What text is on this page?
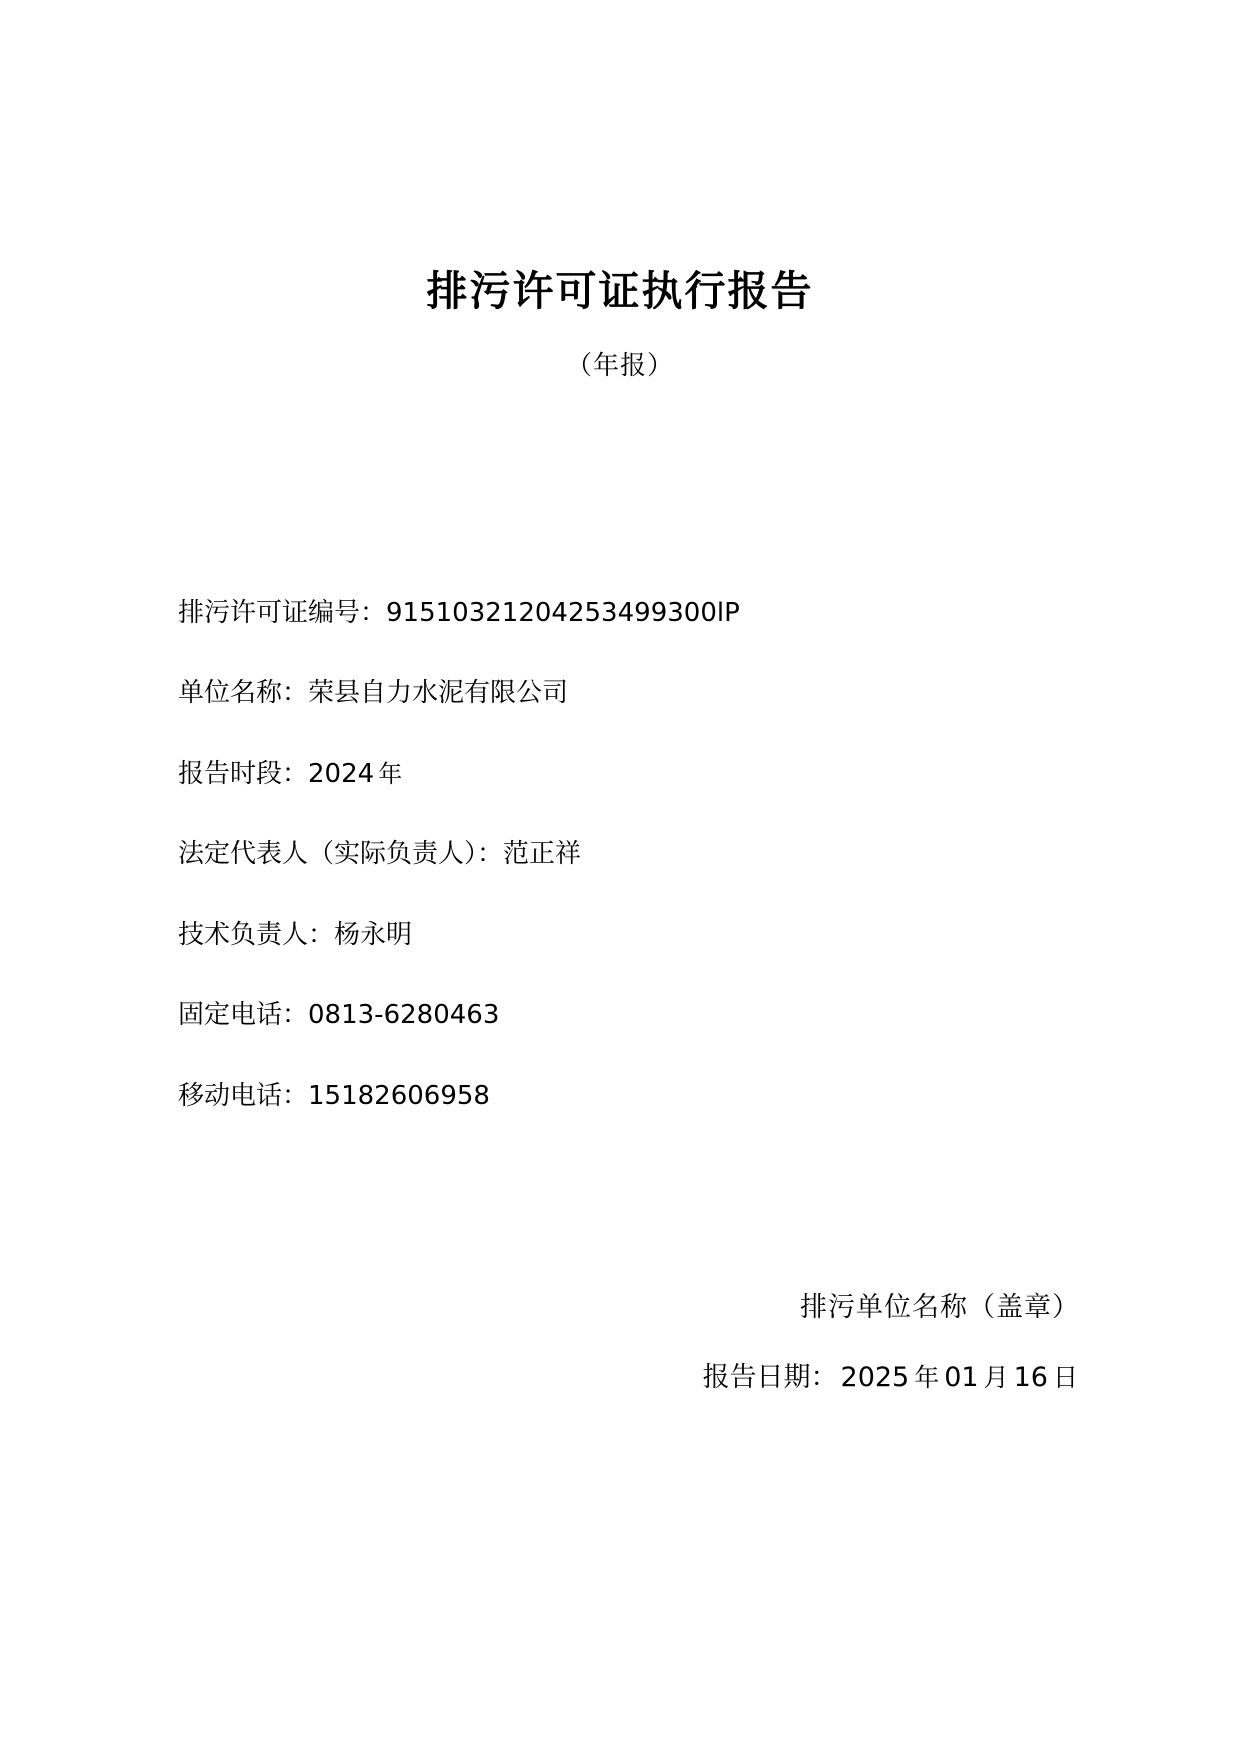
排污许可证执行报告
（年报）
排污许可证编号： 91510321204253499300lP
单位名称： 荣县自力水泥有限公司
报告时段： 2024 年
法定代表人（实际负责人）： 范正祥
技术负责人： 杨永明
固定电话： 0813-6280463
移动电话： 15182606958
排污单位名称（盖章）
报告日期： 2025 年 01 月 16 日
